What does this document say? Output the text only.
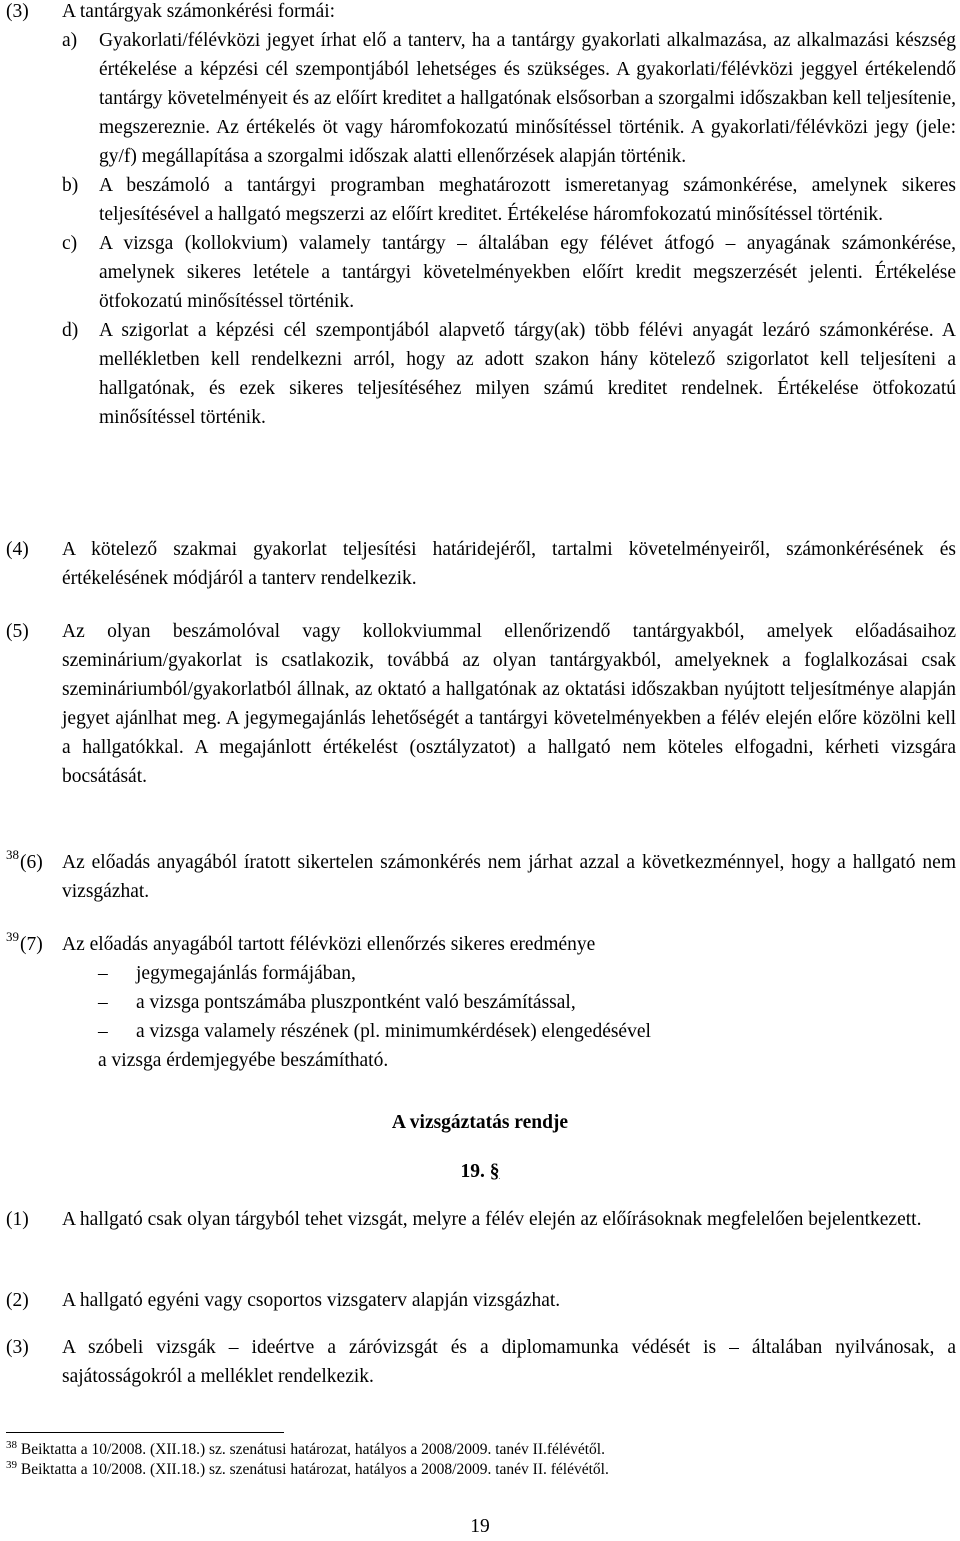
(3) A tantárgyak számonkérési formái:
a) Gyakorlati/félévközi jegyet írhat elő a tanterv, ha a tantárgy gyakorlati alkalmazása, az alkalmazási készség értékelése a képzési cél szempontjából lehetséges és szükséges. A gyakorlati/félévközi jeggyel értékelendő tantárgy követelményeit és az előírt kreditet a hallgatónak elsősorban a szorgalmi időszakban kell teljesítenie, megszereznie. Az értékelés öt vagy háromfokozatú minősítéssel történik. A gyakorlati/félévközi jegy (jele: gy/f) megállapítása a szorgalmi időszak alatti ellenőrzések alapján történik.
b) A beszámoló a tantárgyi programban meghatározott ismeretanyag számonkérése, amelynek sikeres teljesítésével a hallgató megszerzi az előírt kreditet. Értékelése háromfokozatú minősítéssel történik.
c) A vizsga (kollokvium) valamely tantárgy – általában egy félévet átfogó – anyagának számonkérése, amelynek sikeres letétele a tantárgyi követelményekben előírt kredit megszerzését jelenti. Értékelése ötfokozatú minősítéssel történik.
d) A szigorlat a képzési cél szempontjából alapvető tárgy(ak) több félévi anyagát lezáró számonkérése. A mellékletben kell rendelkezni arról, hogy az adott szakon hány kötelező szigorlatot kell teljesíteni a hallgatónak, és ezek sikeres teljesítéséhez milyen számú kreditet rendelnek. Értékelése ötfokozatú minősítéssel történik.
(4) A kötelező szakmai gyakorlat teljesítési határidejéről, tartalmi követelményeiről, számonkérésének és értékelésének módjáról a tanterv rendelkezik.
(5) Az olyan beszámolóval vagy kollokviummal ellenőrizendő tantárgyakból, amelyek előadásaihoz szeminárium/gyakorlat is csatlakozik, továbbá az olyan tantárgyakból, amelyeknek a foglalkozásai csak szemináriumból/gyakorlatból állnak, az oktató a hallgatónak az oktatási időszakban nyújtott teljesítménye alapján jegyet ajánlhat meg. A jegymegajánlás lehetőségét a tantárgyi követelményekben a félév elején előre közölni kell a hallgatókkal. A megajánlott értékelést (osztályzatot) a hallgató nem köteles elfogadni, kérheti vizsgára bocsátását.
$^{38}$(6) Az előadás anyagából íratott sikertelen számonkérés nem járhat azzal a következménnyel, hogy a hallgató nem vizsgázhat.
$^{39}$(7) Az előadás anyagából tartott félévközi ellenőrzés sikeres eredménye
– jegymegajánlás formájában,
– a vizsga pontszámába pluszpontként való beszámítással,
– a vizsga valamely részének (pl. minimumkérdések) elengedésével
a vizsga érdemjegyébe beszámítható.
A vizsgáztatás rendje
19. §
(1) A hallgató csak olyan tárgyból tehet vizsgát, melyre a félév elején az előírásoknak megfelelően bejelentkezett.
(2) A hallgató egyéni vagy csoportos vizsgaterv alapján vizsgázhat.
(3) A szóbeli vizsgák – ideértve a záróvizsgát és a diplomamunka védését is – általában nyilvánosak, a sajátosságokról a melléklet rendelkezik.
$^{38}$ Beiktatta a 10/2008. (XII.18.) sz. szenátusi határozat, hatályos a 2008/2009. tanév II.félévétől.
$^{39}$ Beiktatta a 10/2008. (XII.18.) sz. szenátusi határozat, hatályos a 2008/2009. tanév II. félévétől.
19
